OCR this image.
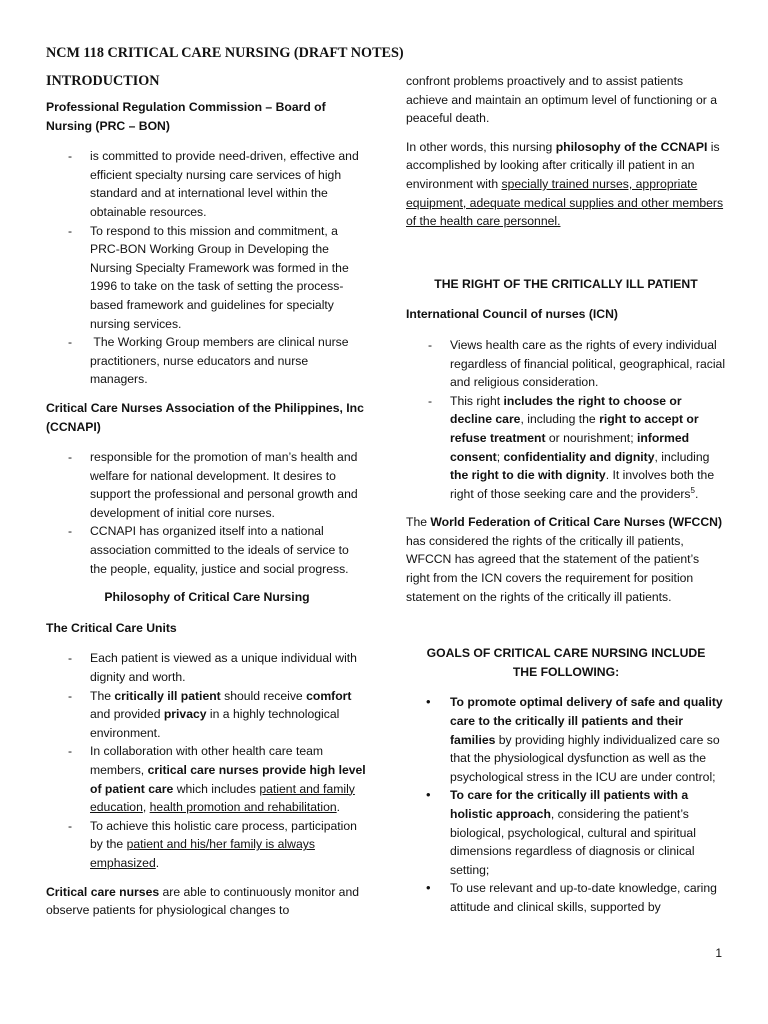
NCM 118 CRITICAL CARE NURSING (DRAFT NOTES)
INTRODUCTION
Professional Regulation Commission – Board of Nursing (PRC – BON)
- is committed to provide need-driven, effective and efficient specialty nursing care services of high standard and at international level within the obtainable resources.
- To respond to this mission and commitment, a PRC-BON Working Group in Developing the Nursing Specialty Framework was formed in the 1996 to take on the task of setting the process-based framework and guidelines for specialty nursing services.
- The Working Group members are clinical nurse practitioners, nurse educators and nurse managers.
Critical Care Nurses Association of the Philippines, Inc (CCNAPI)
- responsible for the promotion of man’s health and welfare for national development. It desires to support the professional and personal growth and development of initial core nurses.
- CCNAPI has organized itself into a national association committed to the ideals of service to the people, equality, justice and social progress.
Philosophy of Critical Care Nursing
The Critical Care Units
- Each patient is viewed as a unique individual with dignity and worth.
- The critically ill patient should receive comfort and provided privacy in a highly technological environment.
- In collaboration with other health care team members, critical care nurses provide high level of patient care which includes patient and family education, health promotion and rehabilitation.
- To achieve this holistic care process, participation by the patient and his/her family is always emphasized.

Critical care nurses are able to continuously monitor and observe patients for physiological changes to

confront problems proactively and to assist patients achieve and maintain an optimum level of functioning or a peaceful death.

In other words, this nursing philosophy of the CCNAPI is accomplished by looking after critically ill patient in an environment with specially trained nurses, appropriate equipment, adequate medical supplies and other members of the health care personnel.

THE RIGHT OF THE CRITICALLY ILL PATIENT
International Council of nurses (ICN)
- Views health care as the rights of every individual regardless of financial political, geographical, racial and religious consideration.
- This right includes the right to choose or decline care, including the right to accept or refuse treatment or nourishment; informed consent; confidentiality and dignity, including the right to die with dignity. It involves both the right of those seeking care and the providers$^5$.

The World Federation of Critical Care Nurses (WFCCN) has considered the rights of the critically ill patients, WFCCN has agreed that the statement of the patient’s right from the ICN covers the requirement for position statement on the rights of the critically ill patients.

GOALS OF CRITICAL CARE NURSING INCLUDE THE FOLLOWING:
• To promote optimal delivery of safe and quality care to the critically ill patients and their families by providing highly individualized care so that the physiological dysfunction as well as the psychological stress in the ICU are under control;
• To care for the critically ill patients with a holistic approach, considering the patient’s biological, psychological, cultural and spiritual dimensions regardless of diagnosis or clinical setting;
• To use relevant and up-to-date knowledge, caring attitude and clinical skills, supported by
1
